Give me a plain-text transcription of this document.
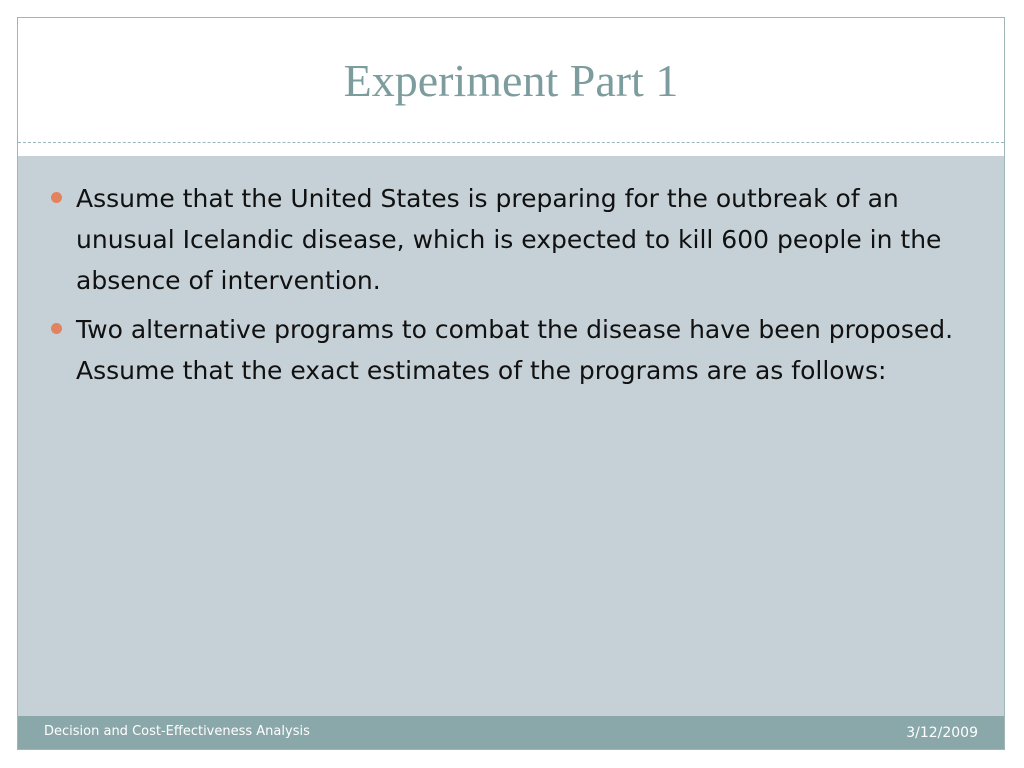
Experiment Part 1
Assume that the United States is preparing for the outbreak of an unusual Icelandic disease, which is expected to kill 600 people in the absence of intervention.
Two alternative programs to combat the disease have been proposed. Assume that the exact estimates of the programs are as follows:
Decision and Cost-Effectiveness Analysis	3/12/2009
